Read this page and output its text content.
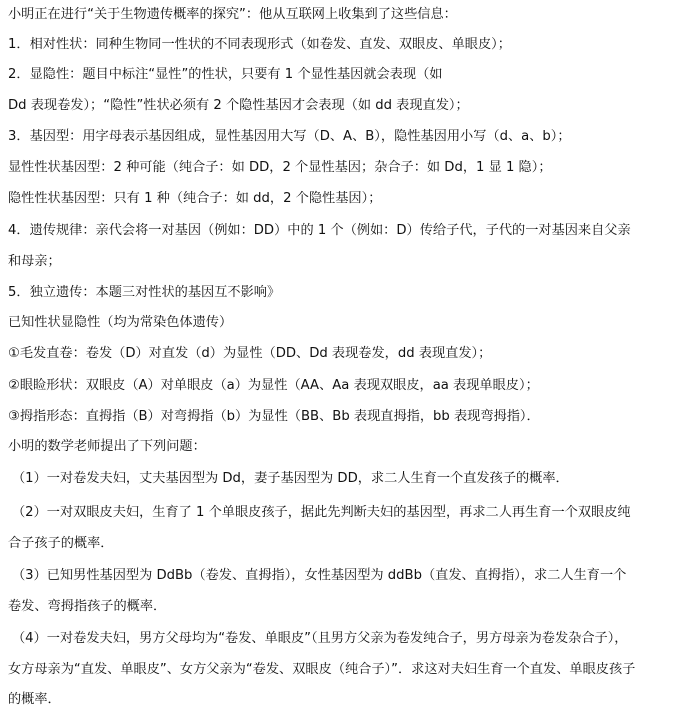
小明正在进行“关于生物遗传概率的探究”：他从互联网上收集到了这些信息：
1．相对性状：同种生物同一性状的不同表现形式（如卷发、直发、双眼皮、单眼皮）；
2．显隐性：题目中标注“显性”的性状，只要有 1 个显性基因就会表现（如
Dd 表现卷发）；“隐性”性状必须有 2 个隐性基因才会表现（如 dd 表现直发）；
3．基因型：用字母表示基因组成，显性基因用大写（D、A、B），隐性基因用小写（d、a、b）；
显性性状基因型：2 种可能（纯合子：如 DD，2 个显性基因；杂合子：如 Dd，1 显 1 隐）；
隐性性状基因型：只有 1 种（纯合子：如 dd，2 个隐性基因）；
4．遗传规律：亲代会将一对基因（例如：DD）中的 1 个（例如：D）传给子代，子代的一对基因来自父亲
和母亲；
5．独立遗传：本题三对性状的基因互不影响》
已知性状显隐性（均为常染色体遗传）
①毛发直卷：卷发（D）对直发（d）为显性（DD、Dd 表现卷发，dd 表现直发）；
②眼睑形状：双眼皮（A）对单眼皮（a）为显性（AA、Aa 表现双眼皮，aa 表现单眼皮）；
③拇指形态：直拇指（B）对弯拇指（b）为显性（BB、Bb 表现直拇指，bb 表现弯拇指）．
小明的数学老师提出了下列问题：
（1）一对卷发夫妇，丈夫基因型为 Dd，妻子基因型为 DD，求二人生育一个直发孩子的概率．
（2）一对双眼皮夫妇，生育了 1 个单眼皮孩子，据此先判断夫妇的基因型，再求二人再生育一个双眼皮纯
合子孩子的概率．
（3）已知男性基因型为 DdBb（卷发、直拇指），女性基因型为 ddBb（直发、直拇指），求二人生育一个
卷发、弯拇指孩子的概率．
（4）一对卷发夫妇，男方父母均为“卷发、单眼皮”（且男方父亲为卷发纯合子，男方母亲为卷发杂合子），
女方母亲为“直发、单眼皮”、女方父亲为“卷发、双眼皮（纯合子）”．求这对夫妇生育一个直发、单眼皮孩子
的概率．
